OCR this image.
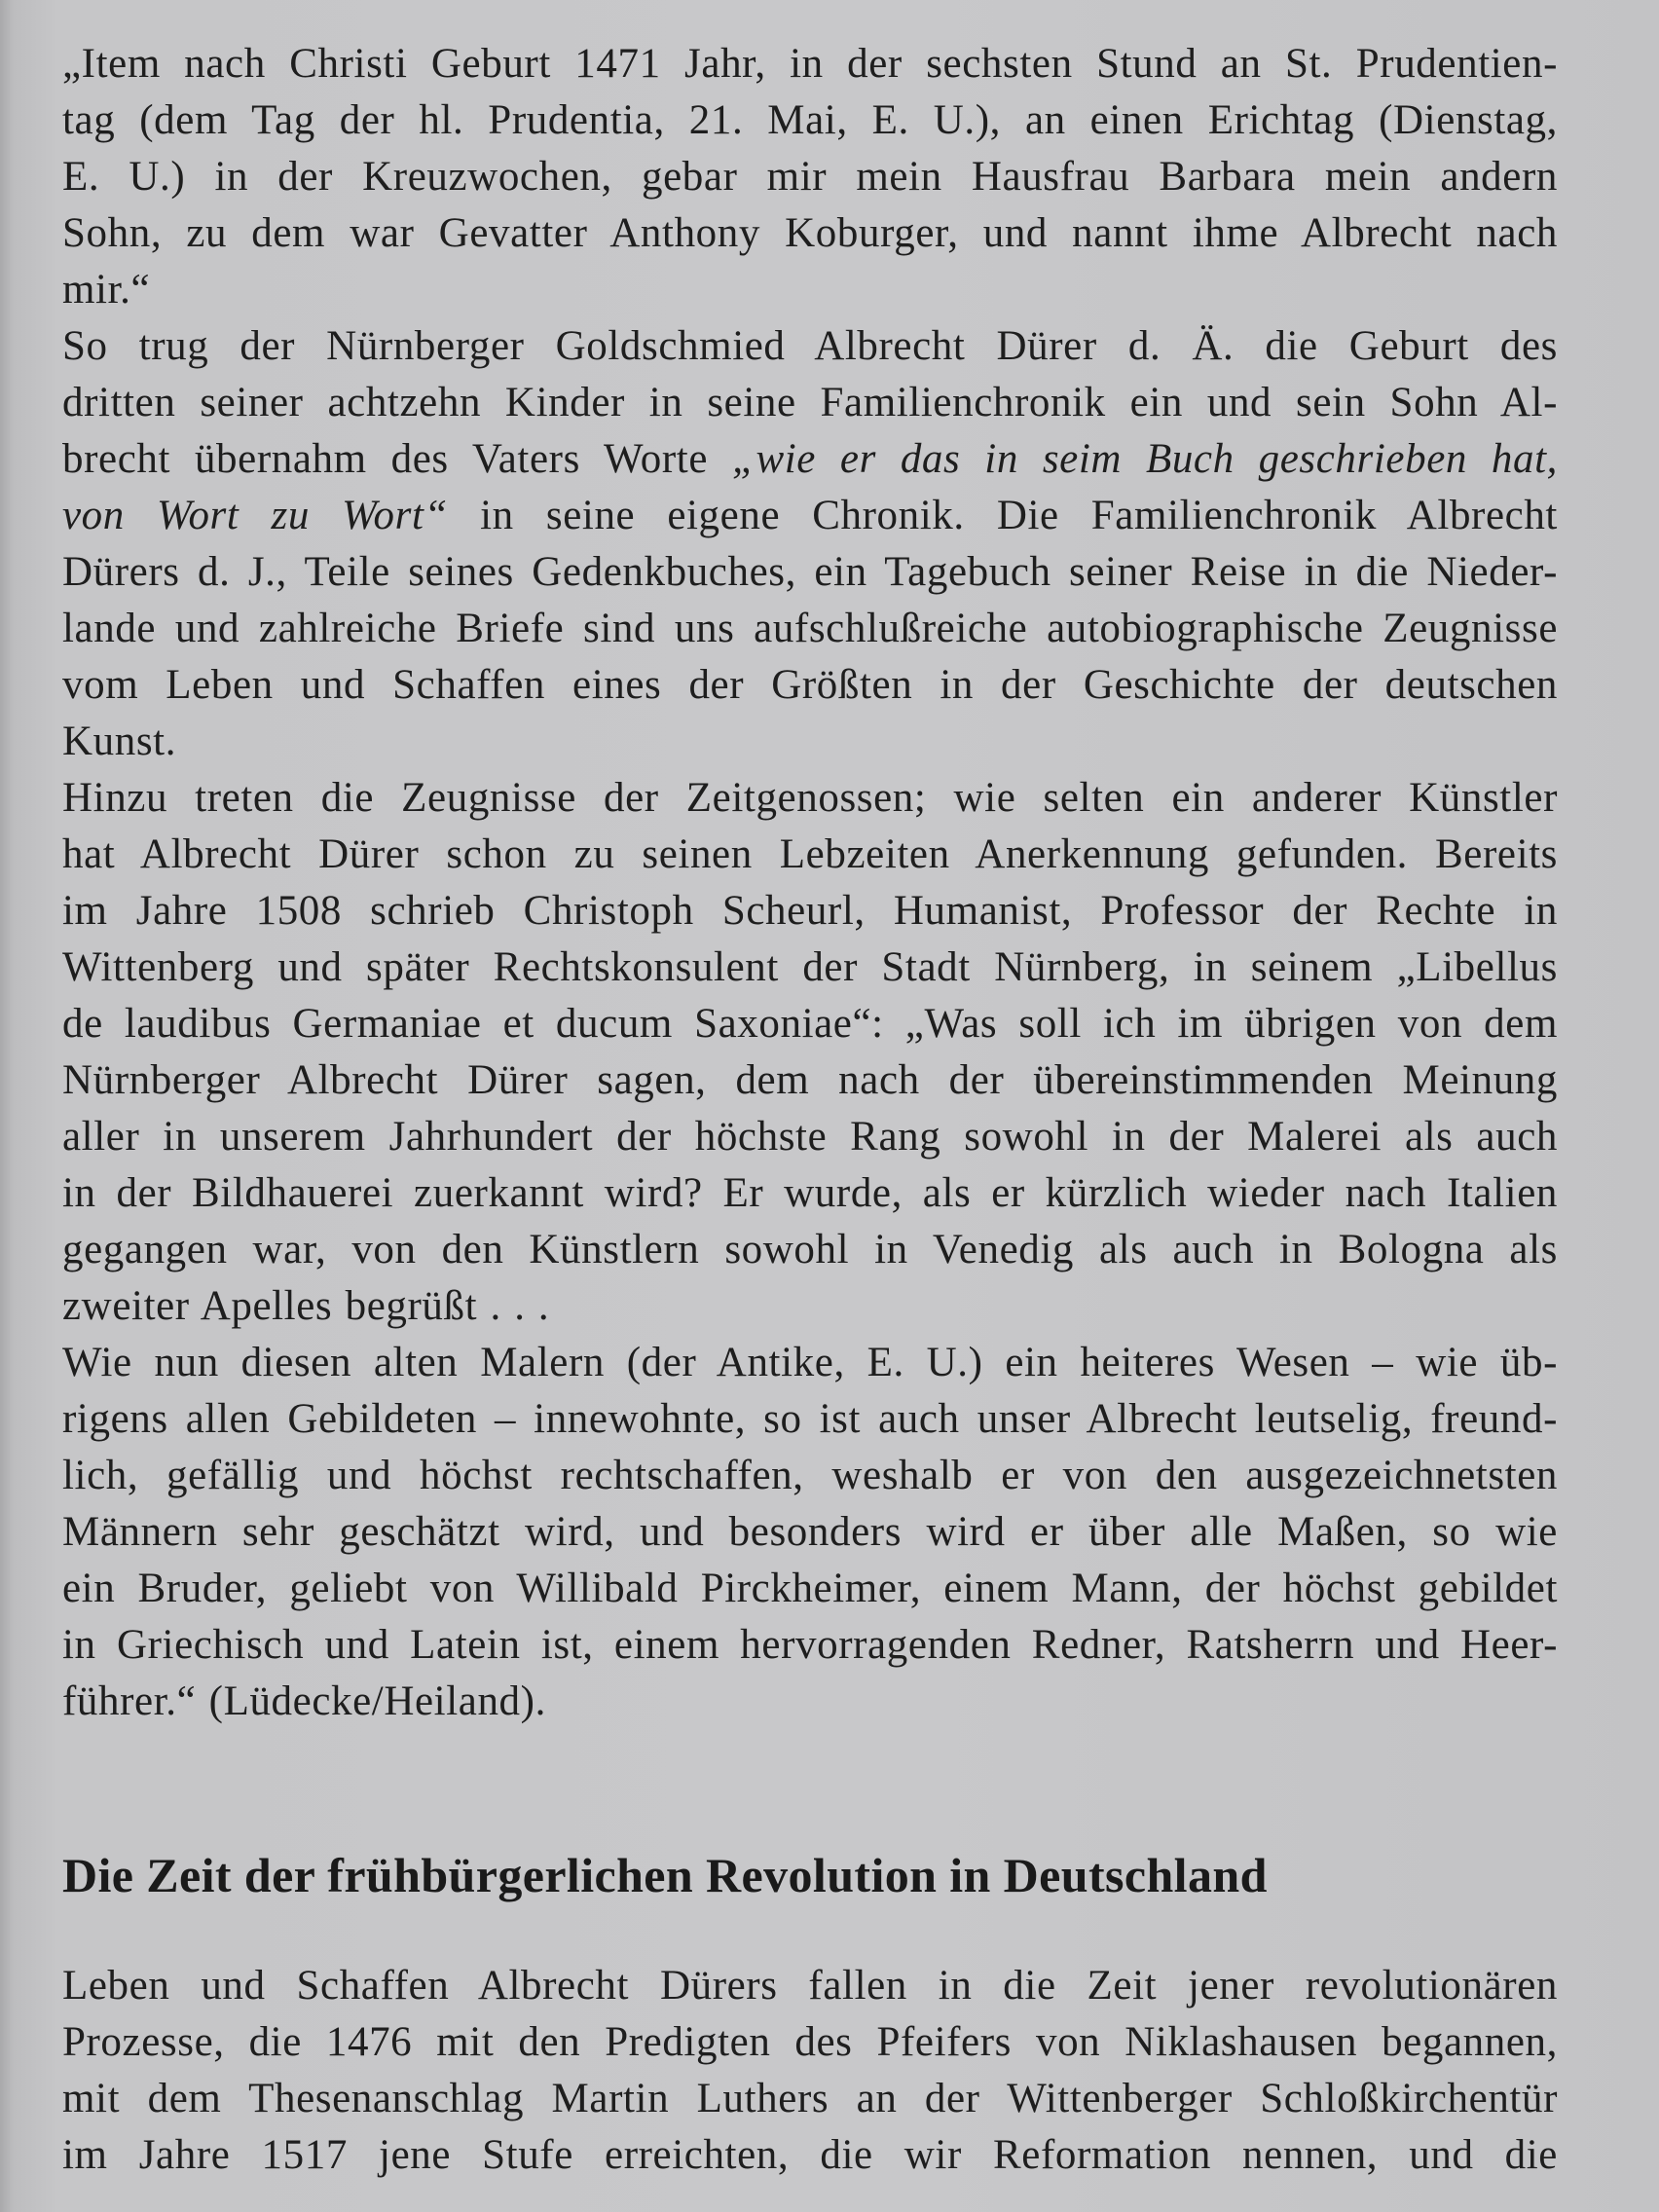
„Item nach Christi Geburt 1471 Jahr, in der sechsten Stund an St. Prudentien-
tag (dem Tag der hl. Prudentia, 21. Mai, E. U.), an einen Erichtag (Dienstag,
E. U.) in der Kreuzwochen, gebar mir mein Hausfrau Barbara mein andern
Sohn, zu dem war Gevatter Anthony Koburger, und nannt ihme Albrecht nach
mir.“
So trug der Nürnberger Goldschmied Albrecht Dürer d. Ä. die Geburt des
dritten seiner achtzehn Kinder in seine Familienchronik ein und sein Sohn Al-
brecht übernahm des Vaters Worte „wie er das in seim Buch geschrieben hat,
von Wort zu Wort“ in seine eigene Chronik. Die Familienchronik Albrecht
Dürers d. J., Teile seines Gedenkbuches, ein Tagebuch seiner Reise in die Nieder-
lande und zahlreiche Briefe sind uns aufschlußreiche autobiographische Zeugnisse
vom Leben und Schaffen eines der Größten in der Geschichte der deutschen
Kunst.
Hinzu treten die Zeugnisse der Zeitgenossen; wie selten ein anderer Künstler
hat Albrecht Dürer schon zu seinen Lebzeiten Anerkennung gefunden. Bereits
im Jahre 1508 schrieb Christoph Scheurl, Humanist, Professor der Rechte in
Wittenberg und später Rechtskonsulent der Stadt Nürnberg, in seinem „Libellus
de laudibus Germaniae et ducum Saxoniae“: „Was soll ich im übrigen von dem
Nürnberger Albrecht Dürer sagen, dem nach der übereinstimmenden Meinung
aller in unserem Jahrhundert der höchste Rang sowohl in der Malerei als auch
in der Bildhauerei zuerkannt wird? Er wurde, als er kürzlich wieder nach Italien
gegangen war, von den Künstlern sowohl in Venedig als auch in Bologna als
zweiter Apelles begrüßt . . .
Wie nun diesen alten Malern (der Antike, E. U.) ein heiteres Wesen – wie üb-
rigens allen Gebildeten – innewohnte, so ist auch unser Albrecht leutselig, freund-
lich, gefällig und höchst rechtschaffen, weshalb er von den ausgezeichnetsten
Männern sehr geschätzt wird, und besonders wird er über alle Maßen, so wie
ein Bruder, geliebt von Willibald Pirckheimer, einem Mann, der höchst gebildet
in Griechisch und Latein ist, einem hervorragenden Redner, Ratsherrn und Heer-
führer.“ (Lüdecke/Heiland).
Die Zeit der frühbürgerlichen Revolution in Deutschland
Leben und Schaffen Albrecht Dürers fallen in die Zeit jener revolutionären
Prozesse, die 1476 mit den Predigten des Pfeifers von Niklashausen begannen,
mit dem Thesenanschlag Martin Luthers an der Wittenberger Schloßkirchentür
im Jahre 1517 jene Stufe erreichten, die wir Reformation nennen, und die
